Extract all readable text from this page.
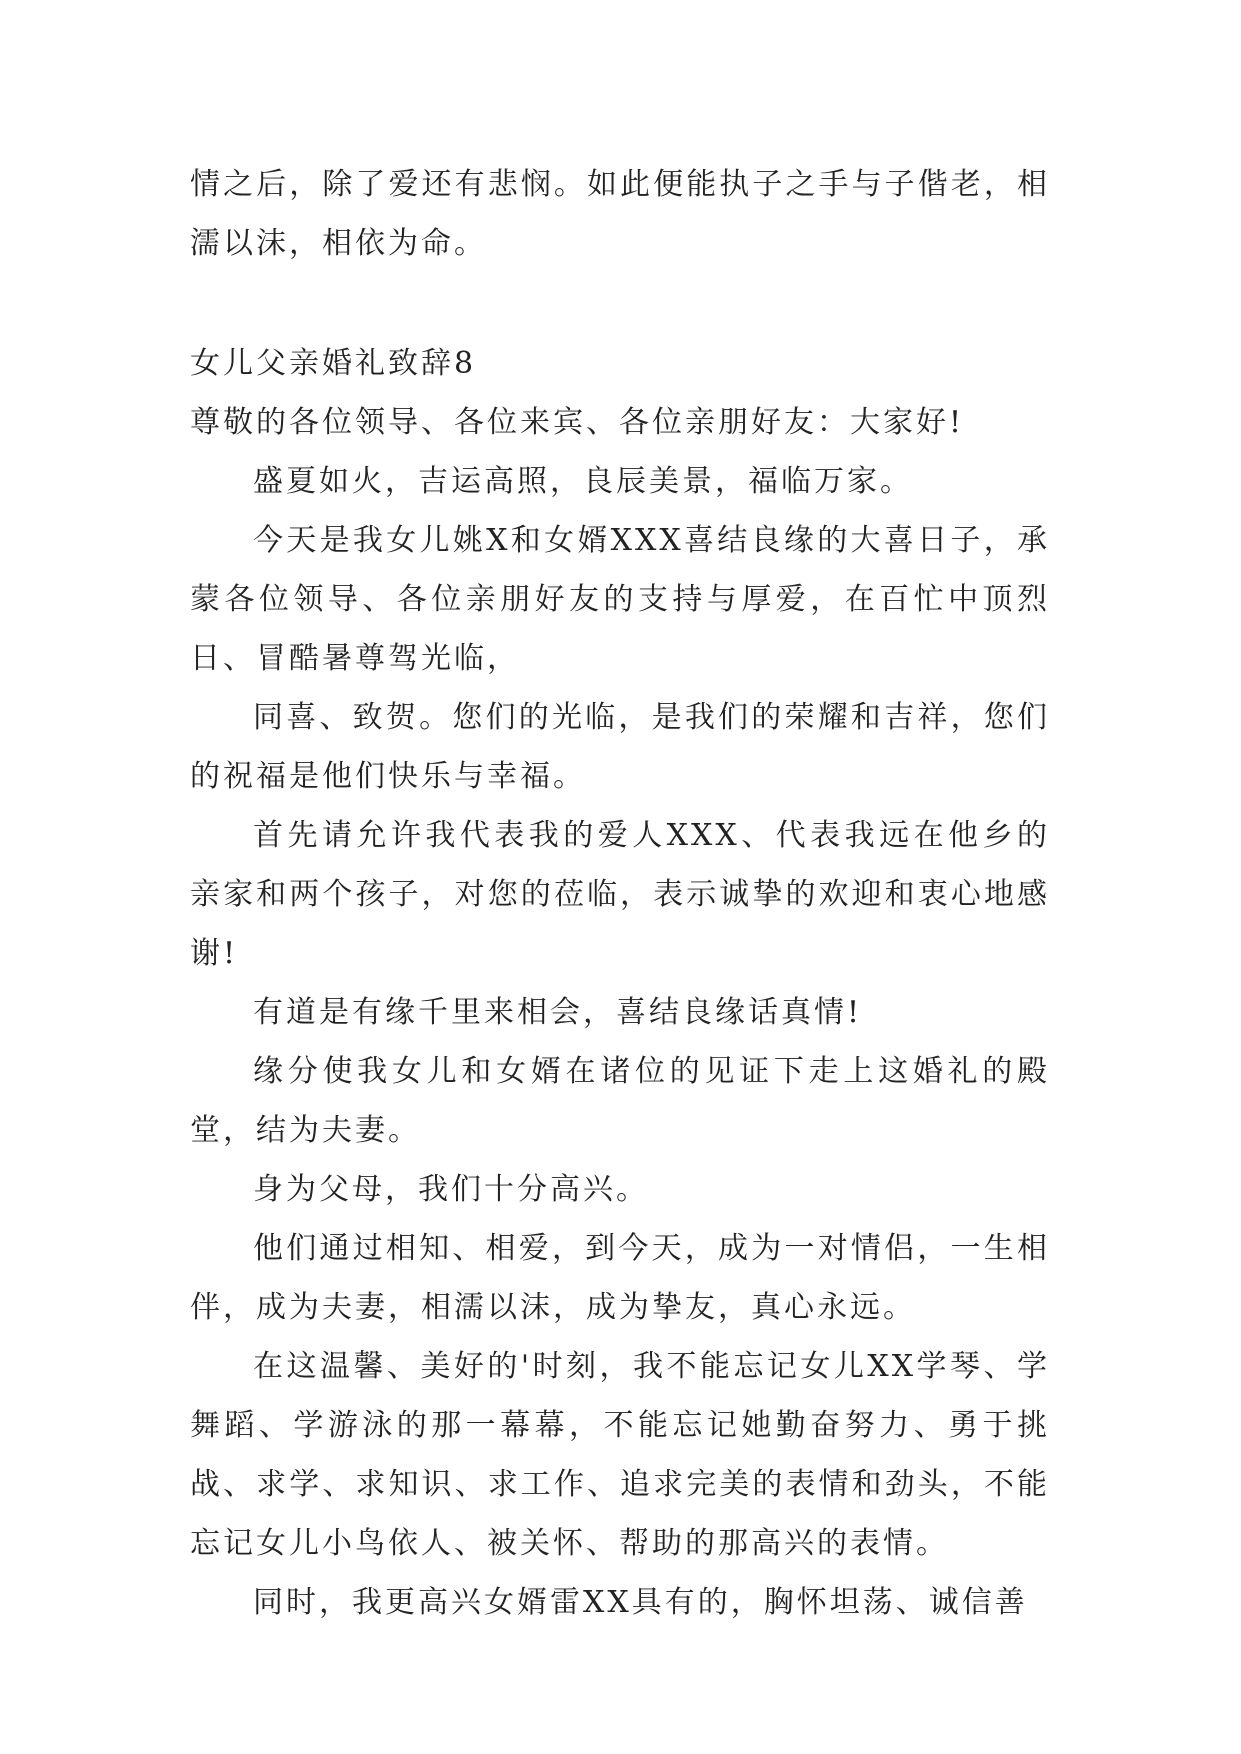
情之后，除了爱还有悲悯。如此便能执子之手与子偕老，相濡以沫，相依为命。

女儿父亲婚礼致辞8

尊敬的各位领导、各位来宾、各位亲朋好友：大家好!

盛夏如火，吉运高照，良辰美景，福临万家。

今天是我女儿姚X和女婿XXX喜结良缘的大喜日子，承蒙各位领导、各位亲朋好友的支持与厚爱，在百忙中顶烈日、冒酷暑尊驾光临，

同喜、致贺。您们的光临，是我们的荣耀和吉祥，您们的祝福是他们快乐与幸福。

首先请允许我代表我的爱人XXX、代表我远在他乡的亲家和两个孩子，对您的莅临，表示诚挚的欢迎和衷心地感谢!

有道是有缘千里来相会，喜结良缘话真情!

缘分使我女儿和女婿在诸位的见证下走上这婚礼的殿堂，结为夫妻。

身为父母，我们十分高兴。

他们通过相知、相爱，到今天，成为一对情侣，一生相伴，成为夫妻，相濡以沫，成为挚友，真心永远。

在这温馨、美好的'时刻，我不能忘记女儿XX学琴、学舞蹈、学游泳的那一幕幕，不能忘记她勤奋努力、勇于挑战、求学、求知识、求工作、追求完美的表情和劲头，不能忘记女儿小鸟依人、被关怀、帮助的那高兴的表情。

同时，我更高兴女婿雷XX具有的，胸怀坦荡、诚信善
